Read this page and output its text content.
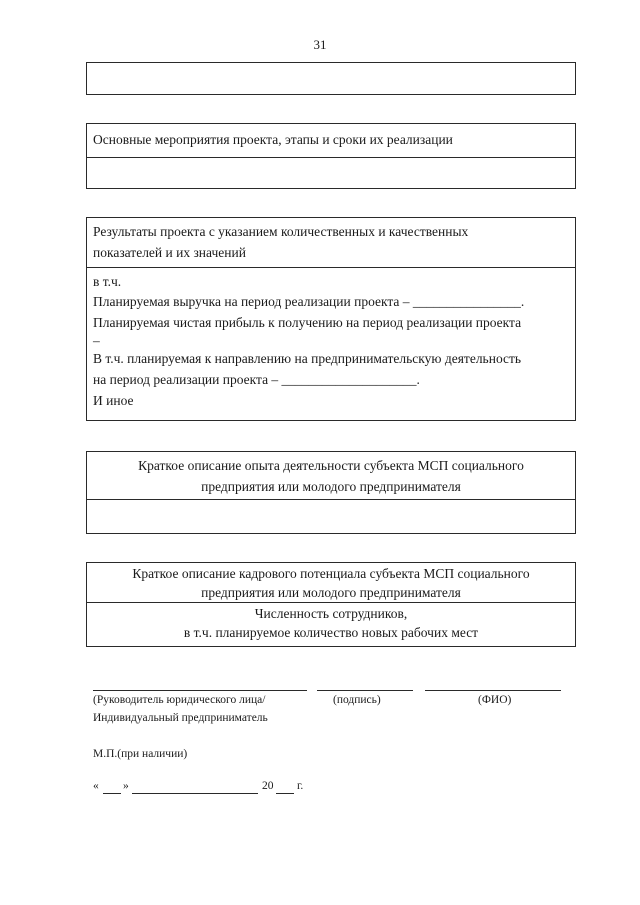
31
Основные мероприятия проекта, этапы и сроки их реализации
Результаты проекта с указанием количественных и качественных
показателей и их значений
в т.ч.
Планируемая выручка на период реализации проекта – ________________.
Планируемая чистая прибыль к получению на период реализации проекта
–
В т.ч. планируемая к направлению на предпринимательскую деятельность
на период реализации проекта – ____________________.
И иное
Краткое описание опыта деятельности субъекта МСП социального
предприятия или молодого предпринимателя
Краткое описание кадрового потенциала субъекта МСП социального
предприятия или молодого предпринимателя
Численность сотрудников,
в т.ч. планируемое количество новых рабочих мест
(Руководитель юридического лица/	(подпись)	(ФИО)
Индивидуальный предприниматель
М.П.(при наличии)
« »	20 г.
